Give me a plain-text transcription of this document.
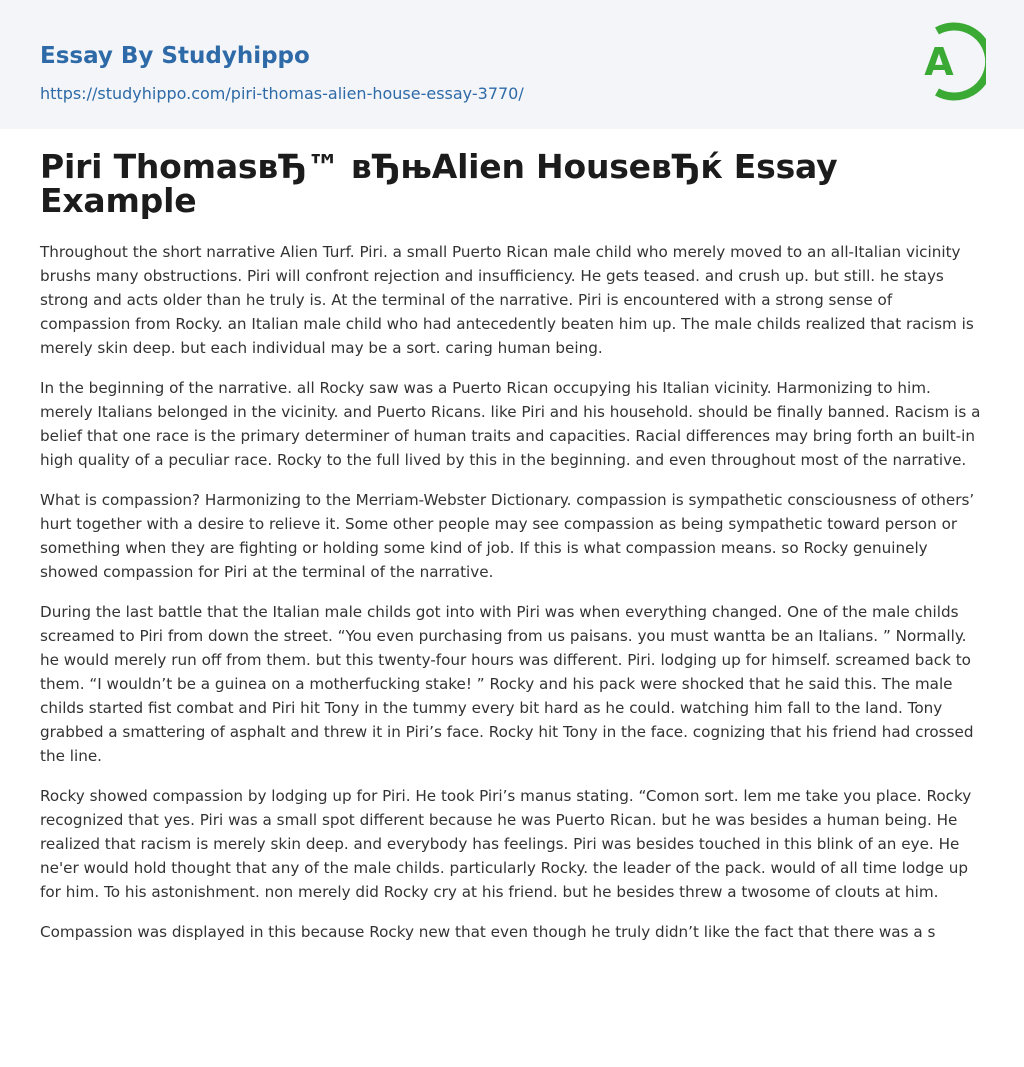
Essay By Studyhippo
https://studyhippo.com/piri-thomas-alien-house-essay-3770/
A
Piri ThomasвЂ™ вЂњAlien HouseвЂќ Essay Example

Throughout the short narrative Alien Turf. Piri. a small Puerto Rican male child who merely moved to an all-Italian vicinity brushs many obstructions. Piri will confront rejection and insufficiency. He gets teased. and crush up. but still. he stays strong and acts older than he truly is. At the terminal of the narrative. Piri is encountered with a strong sense of compassion from Rocky. an Italian male child who had antecedently beaten him up. The male childs realized that racism is merely skin deep. but each individual may be a sort. caring human being.

In the beginning of the narrative. all Rocky saw was a Puerto Rican occupying his Italian vicinity. Harmonizing to him. merely Italians belonged in the vicinity. and Puerto Ricans. like Piri and his household. should be finally banned. Racism is a belief that one race is the primary determiner of human traits and capacities. Racial differences may bring forth an built-in high quality of a peculiar race. Rocky to the full lived by this in the beginning. and even throughout most of the narrative.

What is compassion? Harmonizing to the Merriam-Webster Dictionary. compassion is sympathetic consciousness of others’ hurt together with a desire to relieve it. Some other people may see compassion as being sympathetic toward person or something when they are fighting or holding some kind of job. If this is what compassion means. so Rocky genuinely showed compassion for Piri at the terminal of the narrative.

During the last battle that the Italian male childs got into with Piri was when everything changed. One of the male childs screamed to Piri from down the street. “You even purchasing from us paisans. you must wantta be an Italians. ” Normally. he would merely run off from them. but this twenty-four hours was different. Piri. lodging up for himself. screamed back to them. “I wouldn’t be a guinea on a motherfucking stake! ” Rocky and his pack were shocked that he said this. The male childs started fist combat and Piri hit Tony in the tummy every bit hard as he could. watching him fall to the land. Tony grabbed a smattering of asphalt and threw it in Piri’s face. Rocky hit Tony in the face. cognizing that his friend had crossed the line.

Rocky showed compassion by lodging up for Piri. He took Piri’s manus stating. “Comon sort. lem me take you place. Rocky recognized that yes. Piri was a small spot different because he was Puerto Rican. but he was besides a human being. He realized that racism is merely skin deep. and everybody has feelings. Piri was besides touched in this blink of an eye. He ne'er would hold thought that any of the male childs. particularly Rocky. the leader of the pack. would of all time lodge up for him. To his astonishment. non merely did Rocky cry at his friend. but he besides threw a twosome of clouts at him.

Compassion was displayed in this because Rocky new that even though he truly didn’t like the fact that there was a s
